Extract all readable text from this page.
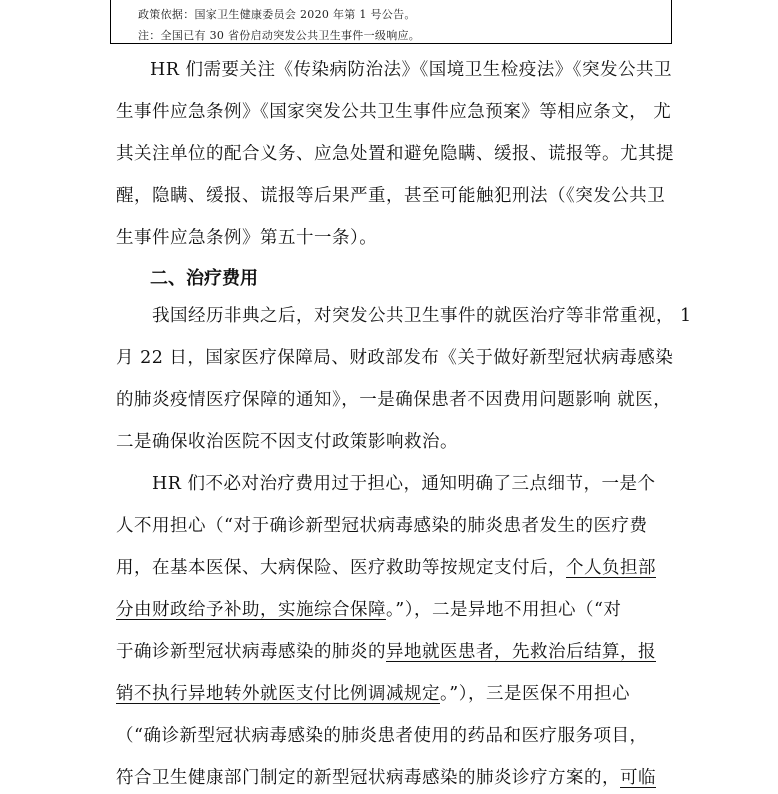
政策依据：国家卫生健康委员会 2020 年第 1 号公告。
注：全国已有 30 省份启动突发公共卫生事件一级响应。
HR 们需要关注《传染病防治法》《国境卫生检疫法》《突发公共卫
生事件应急条例》《国家突发公共卫生事件应急预案》等相应条文， 尤
其关注单位的配合义务、应急处置和避免隐瞒、缓报、谎报等。尤其提
醒，隐瞒、缓报、谎报等后果严重，甚至可能触犯刑法（《突发公共卫
生事件应急条例》第五十一条）。
二、治疗费用
我国经历非典之后，对突发公共卫生事件的就医治疗等非常重视， 1
月 22 日，国家医疗保障局、财政部发布《关于做好新型冠状病毒感染
的肺炎疫情医疗保障的通知》，一是确保患者不因费用问题影响 就医，
二是确保收治医院不因支付政策影响救治。
HR 们不必对治疗费用过于担心，通知明确了三点细节，一是个
人不用担心（“对于确诊新型冠状病毒感染的肺炎患者发生的医疗费
用，在基本医保、大病保险、医疗救助等按规定支付后，个人负担部
分由财政给予补助，实施综合保障。”），二是异地不用担心（“对
于确诊新型冠状病毒感染的肺炎的异地就医患者，先救治后结算，报
销不执行异地转外就医支付比例调减规定。”），三是医保不用担心
（“确诊新型冠状病毒感染的肺炎患者使用的药品和医疗服务项目，
符合卫生健康部门制定的新型冠状病毒感染的肺炎诊疗方案的，可临
